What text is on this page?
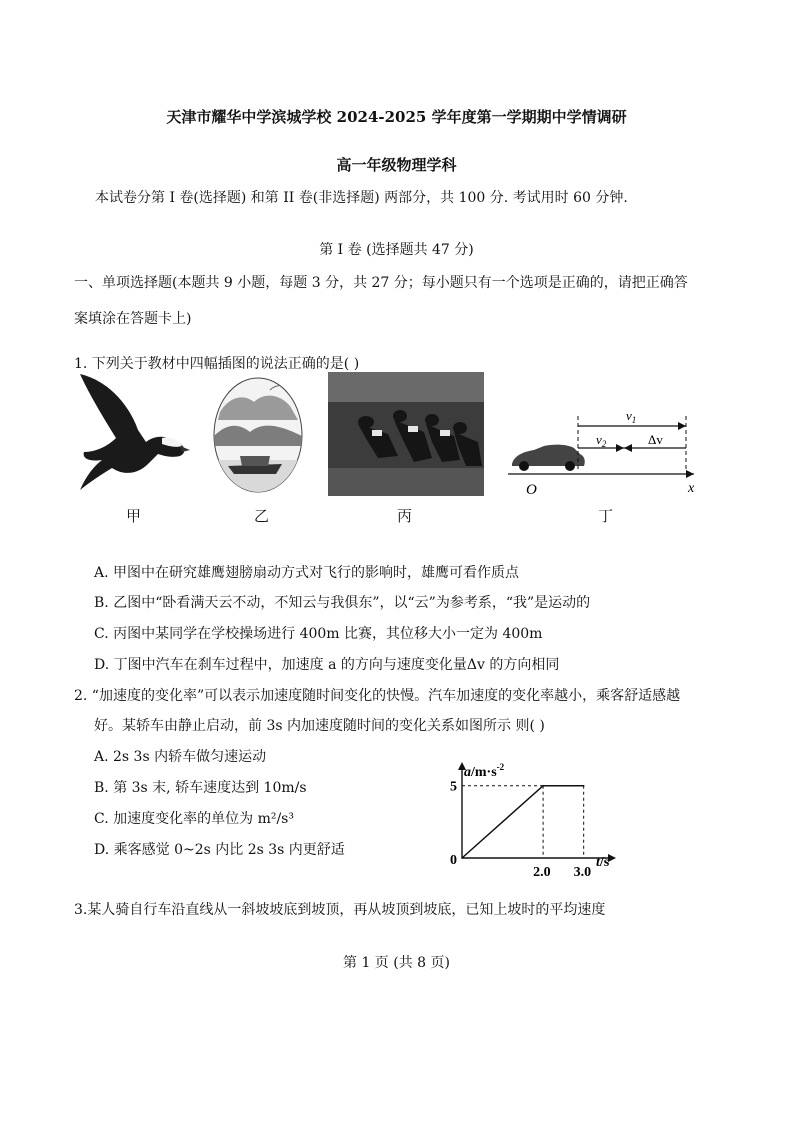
天津市耀华中学滨城学校 2024-2025 学年度第一学期期中学情调研
高一年级物理学科
本试卷分第 I 卷(选择题) 和第 II 卷(非选择题) 两部分，共 100 分. 考试用时 60 分钟.
第 I 卷 (选择题共 47 分)
一、单项选择题(本题共 9 小题，每题 3 分，共 27 分；每小题只有一个选项是正确的，请把正确答
案填涂在答题卡上)
1. 下列关于教材中四幅插图的说法正确的是( )
$v_1$
$v_2$	Δv
O	x
甲	乙	丙	丁
A. 甲图中在研究雄鹰翅膀扇动方式对飞行的影响时，雄鹰可看作质点
B. 乙图中“卧看满天云不动，不知云与我俱东”，以“云”为参考系，“我”是运动的
C. 丙图中某同学在学校操场进行 400m 比赛，其位移大小一定为 400m
D. 丁图中汽车在刹车过程中，加速度 a 的方向与速度变化量Δv 的方向相同
2. “加速度的变化率”可以表示加速度随时间变化的快慢。汽车加速度的变化率越小，乘客舒适感越
好。某轿车由静止启动，前 3s 内加速度随时间的变化关系如图所示 则( )
A. 2s 3s 内轿车做匀速运动
B. 第 3s 末, 轿车速度达到 10m/s
C. 加速度变化率的单位为 m²/s³
D. 乘客感觉 0~2s 内比 2s 3s 内更舒适
$a/m\cdot s^{-2}$
t/s
0
2.0 3.0
5
3.某人骑自行车沿直线从一斜坡坡底到坡顶，再从坡顶到坡底，已知上坡时的平均速度
第 1 页 (共 8 页)
